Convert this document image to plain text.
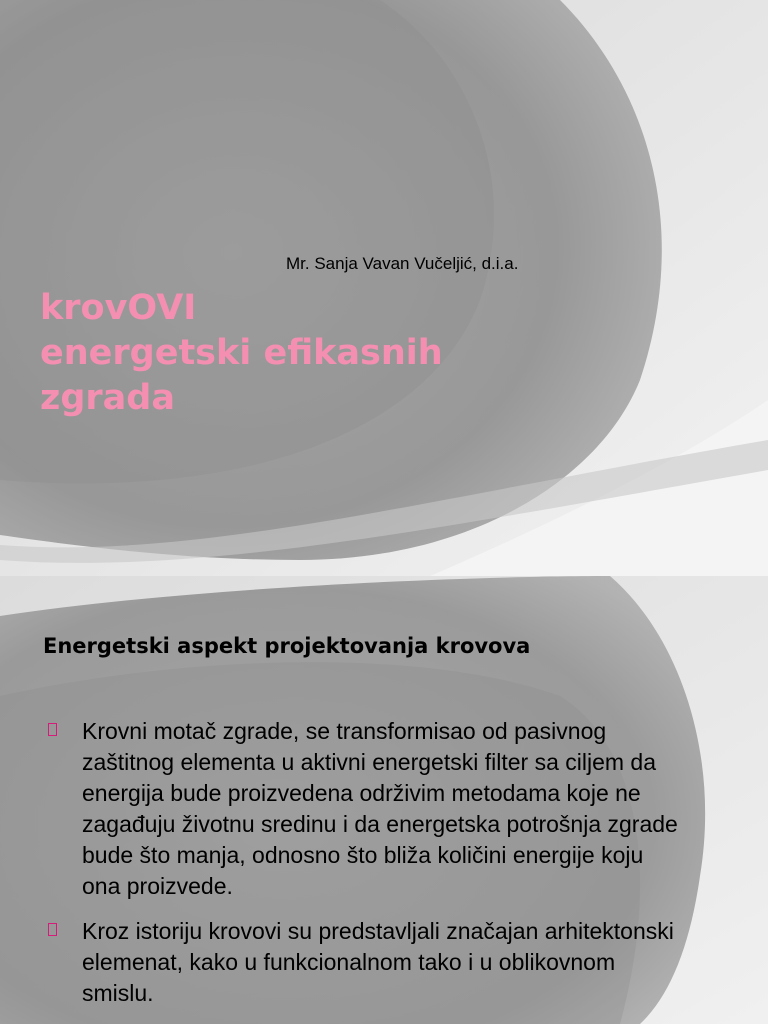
Mr. Sanja Vavan Vučeljić, d.i.a.
krovOVI
energetski efikasnih
zgrada
Energetski aspekt projektovanja krovova
Krovni motač zgrade, se transformisao od pasivnog zaštitnog elementa u aktivni energetski filter sa ciljem da energija bude proizvedena održivim metodama koje ne zagađuju životnu sredinu i da energetska potrošnja zgrade bude što manja, odnosno što bliža količini energije koju ona proizvede.
Kroz istoriju krovovi su predstavljali značajan arhitektonski elemenat, kako u funkcionalnom tako i u oblikovnom smislu.
